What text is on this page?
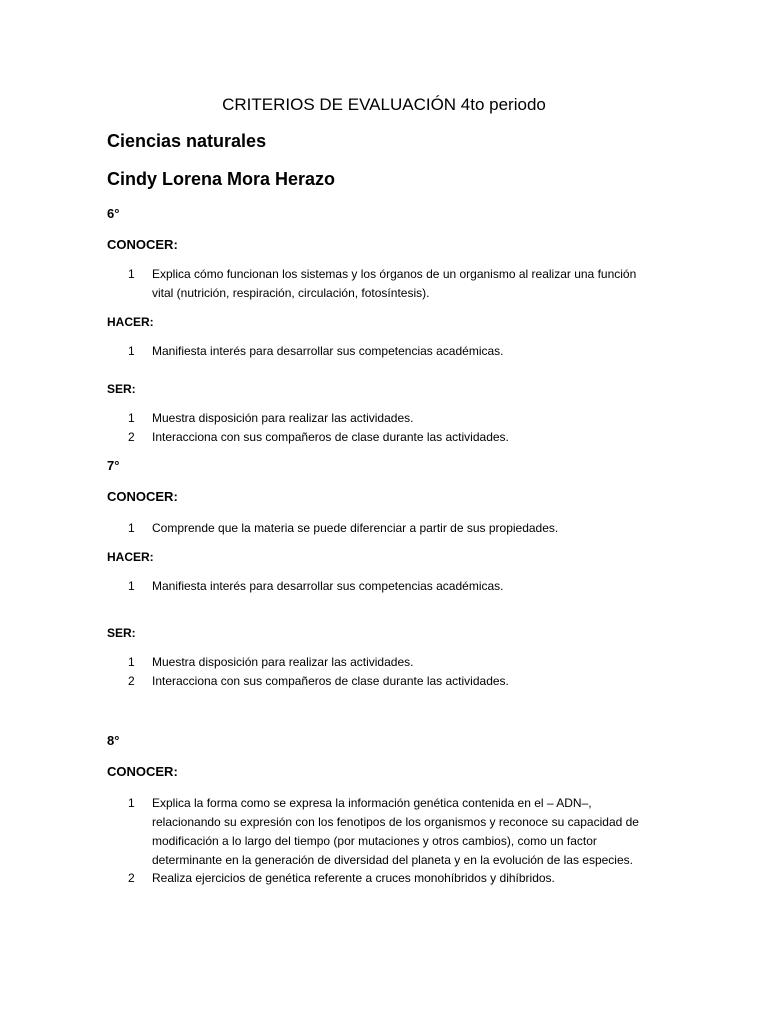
CRITERIOS DE EVALUACIÓN 4to periodo
Ciencias naturales
Cindy Lorena Mora Herazo
6°
CONOCER:
1 Explica cómo funcionan los sistemas y los órganos de un organismo al realizar una función
vital (nutrición, respiración, circulación, fotosíntesis).
HACER:
1 Manifiesta interés para desarrollar sus competencias académicas.
SER:
1 Muestra disposición para realizar las actividades.
2 Interacciona con sus compañeros de clase durante las actividades.
7°
CONOCER:
1 Comprende que la materia se puede diferenciar a partir de sus propiedades.
HACER:
1 Manifiesta interés para desarrollar sus competencias académicas.
SER:
1 Muestra disposición para realizar las actividades.
2 Interacciona con sus compañeros de clase durante las actividades.
8°
CONOCER:
1 Explica la forma como se expresa la información genética contenida en el – ADN–,
relacionando su expresión con los fenotipos de los organismos y reconoce su capacidad de
modificación a lo largo del tiempo (por mutaciones y otros cambios), como un factor
determinante en la generación de diversidad del planeta y en la evolución de las especies.
2 Realiza ejercicios de genética referente a cruces monohíbridos y dihíbridos.
